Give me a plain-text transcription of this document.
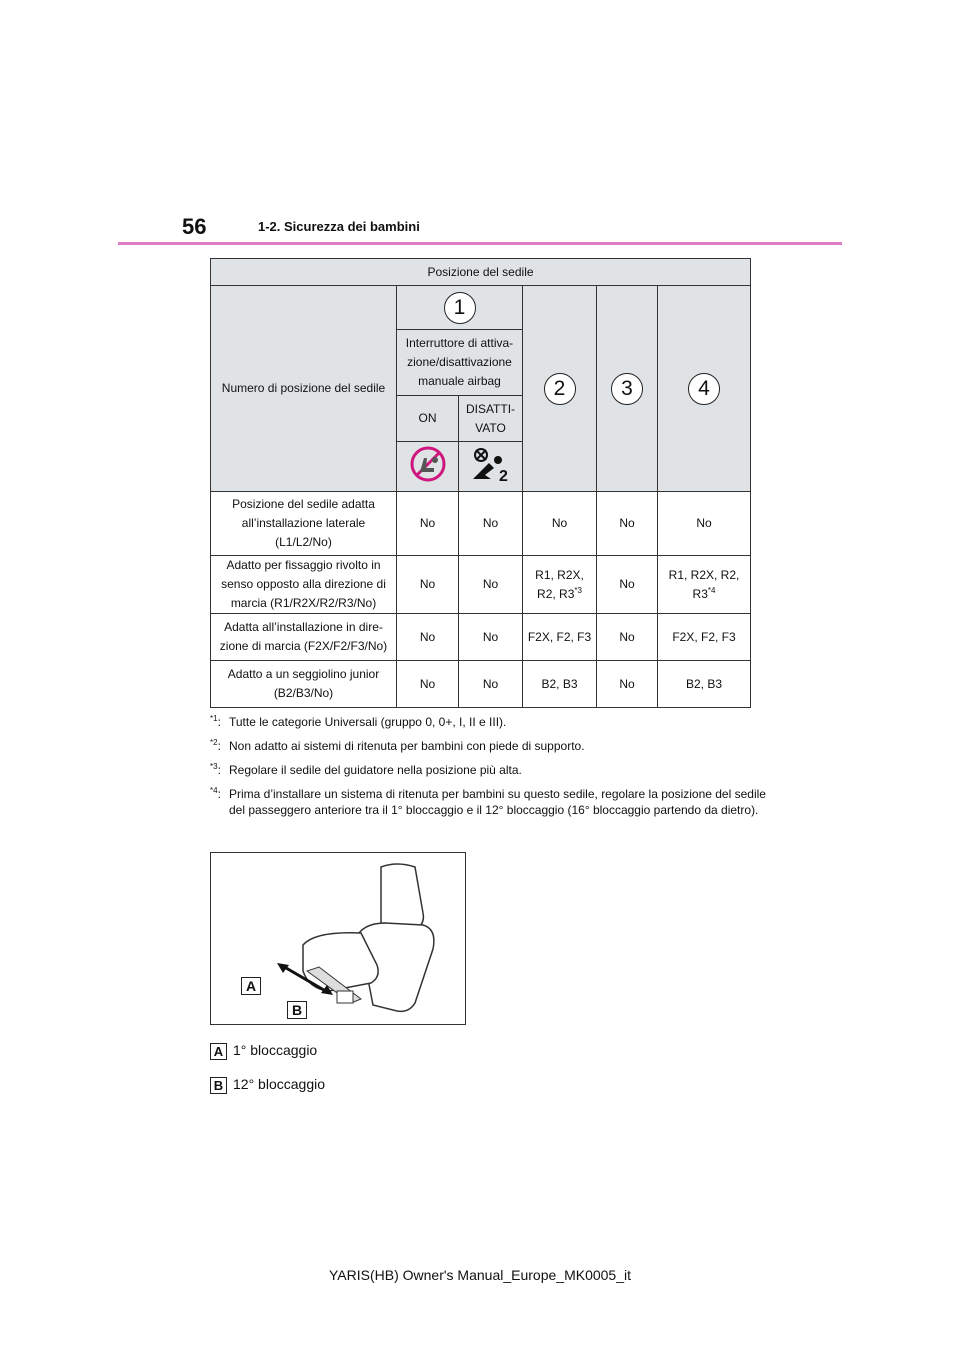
56	1-2. Sicurezza dei bambini
Posizione del sedile					
Numero di posizione del sedile	1		2	3	4
	Interruttore di attiva-zione/disattivazione manuale airbag				
	ON	DISATTI-VATO			

2			

Posizione del sedile adatta all’installazione laterale (L1/L2/No)	No	No	No	No	No
Adatto per fissaggio rivolto in senso opposto alla direzione di marcia (R1/R2X/R2/R3/No)	No	No	R1, R2X, R2, R3$^{*3}$	No	R1, R2X, R2, R3$^{*4}$
Adatta all’installazione in dire-zione di marcia (F2X/F2/F3/No)	No	No	F2X, F2, F3	No	F2X, F2, F3
Adatto a un seggiolino junior (B2/B3/No)	No	No	B2, B3	No	B2, B3
$^{*1}$: Tutte le categorie Universali (gruppo 0, 0+, I, II e III).
$^{*2}$: Non adatto ai sistemi di ritenuta per bambini con piede di supporto.
$^{*3}$: Regolare il sedile del guidatore nella posizione più alta.
$^{*4}$: Prima d’installare un sistema di ritenuta per bambini su questo sedile, regolare la posizione del sedile del passeggero anteriore tra il 1° bloccaggio e il 12° bloccaggio (16° bloccaggio partendo da dietro).
A
B
A 1° bloccaggio
B 12° bloccaggio
YARIS(HB) Owner's Manual_Europe_MK0005_it
